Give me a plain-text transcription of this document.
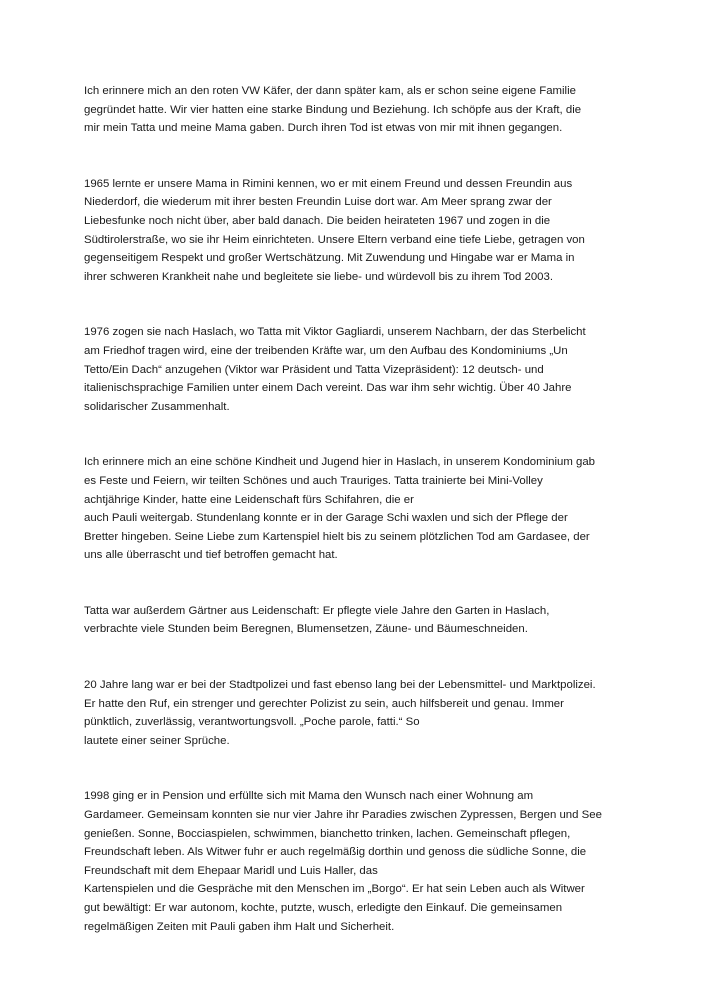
Ich erinnere mich an den roten VW Käfer, der dann später kam, als er schon seine eigene Familie
gegründet hatte. Wir vier hatten eine starke Bindung und Beziehung. Ich schöpfe aus der Kraft, die
mir mein Tatta und meine Mama gaben. Durch ihren Tod ist etwas von mir mit ihnen gegangen.

1965 lernte er unsere Mama in Rimini kennen, wo er mit einem Freund und dessen Freundin aus
Niederdorf, die wiederum mit ihrer besten Freundin Luise dort war. Am Meer sprang zwar der
Liebesfunke noch nicht über, aber bald danach. Die beiden heirateten 1967 und zogen in die
Südtirolerstraße, wo sie ihr Heim einrichteten. Unsere Eltern verband eine tiefe Liebe, getragen von
gegenseitigem Respekt und großer Wertschätzung. Mit Zuwendung und Hingabe war er Mama in
ihrer schweren Krankheit nahe und begleitete sie liebe- und würdevoll bis zu ihrem Tod 2003.

1976 zogen sie nach Haslach, wo Tatta mit Viktor Gagliardi, unserem Nachbarn, der das Sterbelicht
am Friedhof tragen wird, eine der treibenden Kräfte war, um den Aufbau des Kondominiums „Un
Tetto/Ein Dach“ anzugehen (Viktor war Präsident und Tatta Vizepräsident): 12 deutsch- und
italienischsprachige Familien unter einem Dach vereint. Das war ihm sehr wichtig. Über 40 Jahre
solidarischer Zusammenhalt.

Ich erinnere mich an eine schöne Kindheit und Jugend hier in Haslach, in unserem Kondominium gab
es Feste und Feiern, wir teilten Schönes und auch Trauriges. Tatta trainierte bei Mini-Volley
achtjährige Kinder, hatte eine Leidenschaft fürs Schifahren, die er
auch Pauli weitergab. Stundenlang konnte er in der Garage Schi waxlen und sich der Pflege der
Bretter hingeben. Seine Liebe zum Kartenspiel hielt bis zu seinem plötzlichen Tod am Gardasee, der
uns alle überrascht und tief betroffen gemacht hat.

Tatta war außerdem Gärtner aus Leidenschaft: Er pflegte viele Jahre den Garten in Haslach,
verbrachte viele Stunden beim Beregnen, Blumensetzen, Zäune- und Bäumeschneiden.

20 Jahre lang war er bei der Stadtpolizei und fast ebenso lang bei der Lebensmittel- und Marktpolizei.
Er hatte den Ruf, ein strenger und gerechter Polizist zu sein, auch hilfsbereit und genau. Immer
pünktlich, zuverlässig, verantwortungsvoll. „Poche parole, fatti.“ So
lautete einer seiner Sprüche.

1998 ging er in Pension und erfüllte sich mit Mama den Wunsch nach einer Wohnung am
Gardameer. Gemeinsam konnten sie nur vier Jahre ihr Paradies zwischen Zypressen, Bergen und See
genießen. Sonne, Bocciaspielen, schwimmen, bianchetto trinken, lachen. Gemeinschaft pflegen,
Freundschaft leben. Als Witwer fuhr er auch regelmäßig dorthin und genoss die südliche Sonne, die
Freundschaft mit dem Ehepaar Maridl und Luis Haller, das
Kartenspielen und die Gespräche mit den Menschen im „Borgo“. Er hat sein Leben auch als Witwer
gut bewältigt: Er war autonom, kochte, putzte, wusch, erledigte den Einkauf. Die gemeinsamen
regelmäßigen Zeiten mit Pauli gaben ihm Halt und Sicherheit.
